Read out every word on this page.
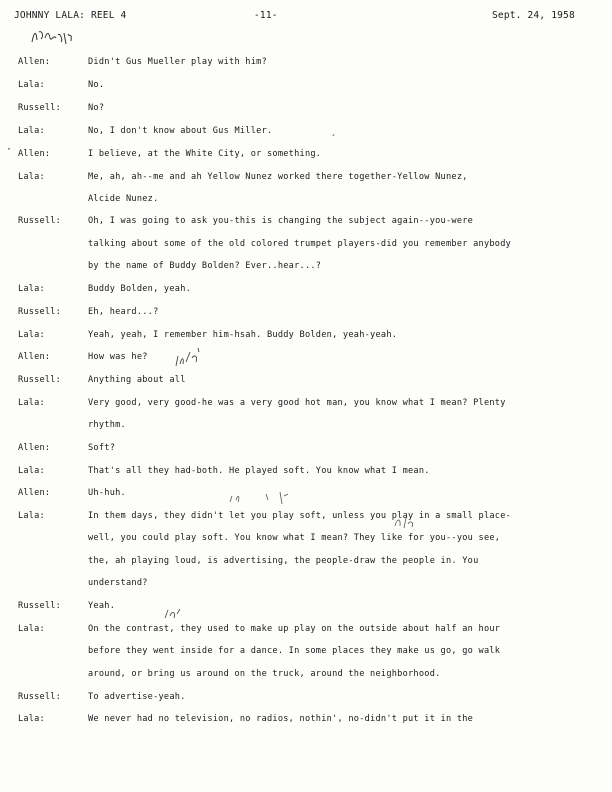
JOHNNY LALA: REEL 4	-11-	Sept. 24, 1958
·
´
Allen:	Didn't Gus Mueller play with him?
Lala:	No.
Russell:	No?
Lala:	No, I don't know about Gus Miller.
Allen:	I believe, at the White City, or something.
Lala:	Me, ah, ah--me and ah Yellow Nunez worked there together-Yellow Nunez,
Alcide Nunez.
Russell:	Oh, I was going to ask you-this is changing the subject again--you-were
talking about some of the old colored trumpet players-did you remember anybody
by the name of Buddy Bolden? Ever..hear...?
Lala:	Buddy Bolden, yeah.
Russell:	Eh, heard...?
Lala:	Yeah, yeah, I remember him-hsah. Buddy Bolden, yeah-yeah.
Allen:	How was he?
Russell:	Anything about all
Lala:	Very good, very good-he was a very good hot man, you know what I mean? Plenty
rhythm.
Allen:	Soft?
Lala:	That's all they had-both. He played soft. You know what I mean.
Allen:	Uh-huh.
Lala:	In them days, they didn't let you play soft, unless you play in a small place-
well, you could play soft. You know what I mean? They like for you--you see,
the, ah playing loud, is advertising, the people-draw the people in. You
understand?
Russell:	Yeah.
Lala:	On the contrast, they used to make up play on the outside about half an hour
before they went inside for a dance. In some places they make us go, go walk
around, or bring us around on the truck, around the neighborhood.
Russell:	To advertise-yeah.
Lala:	We never had no television, no radios, nothin', no-didn't put it in the
